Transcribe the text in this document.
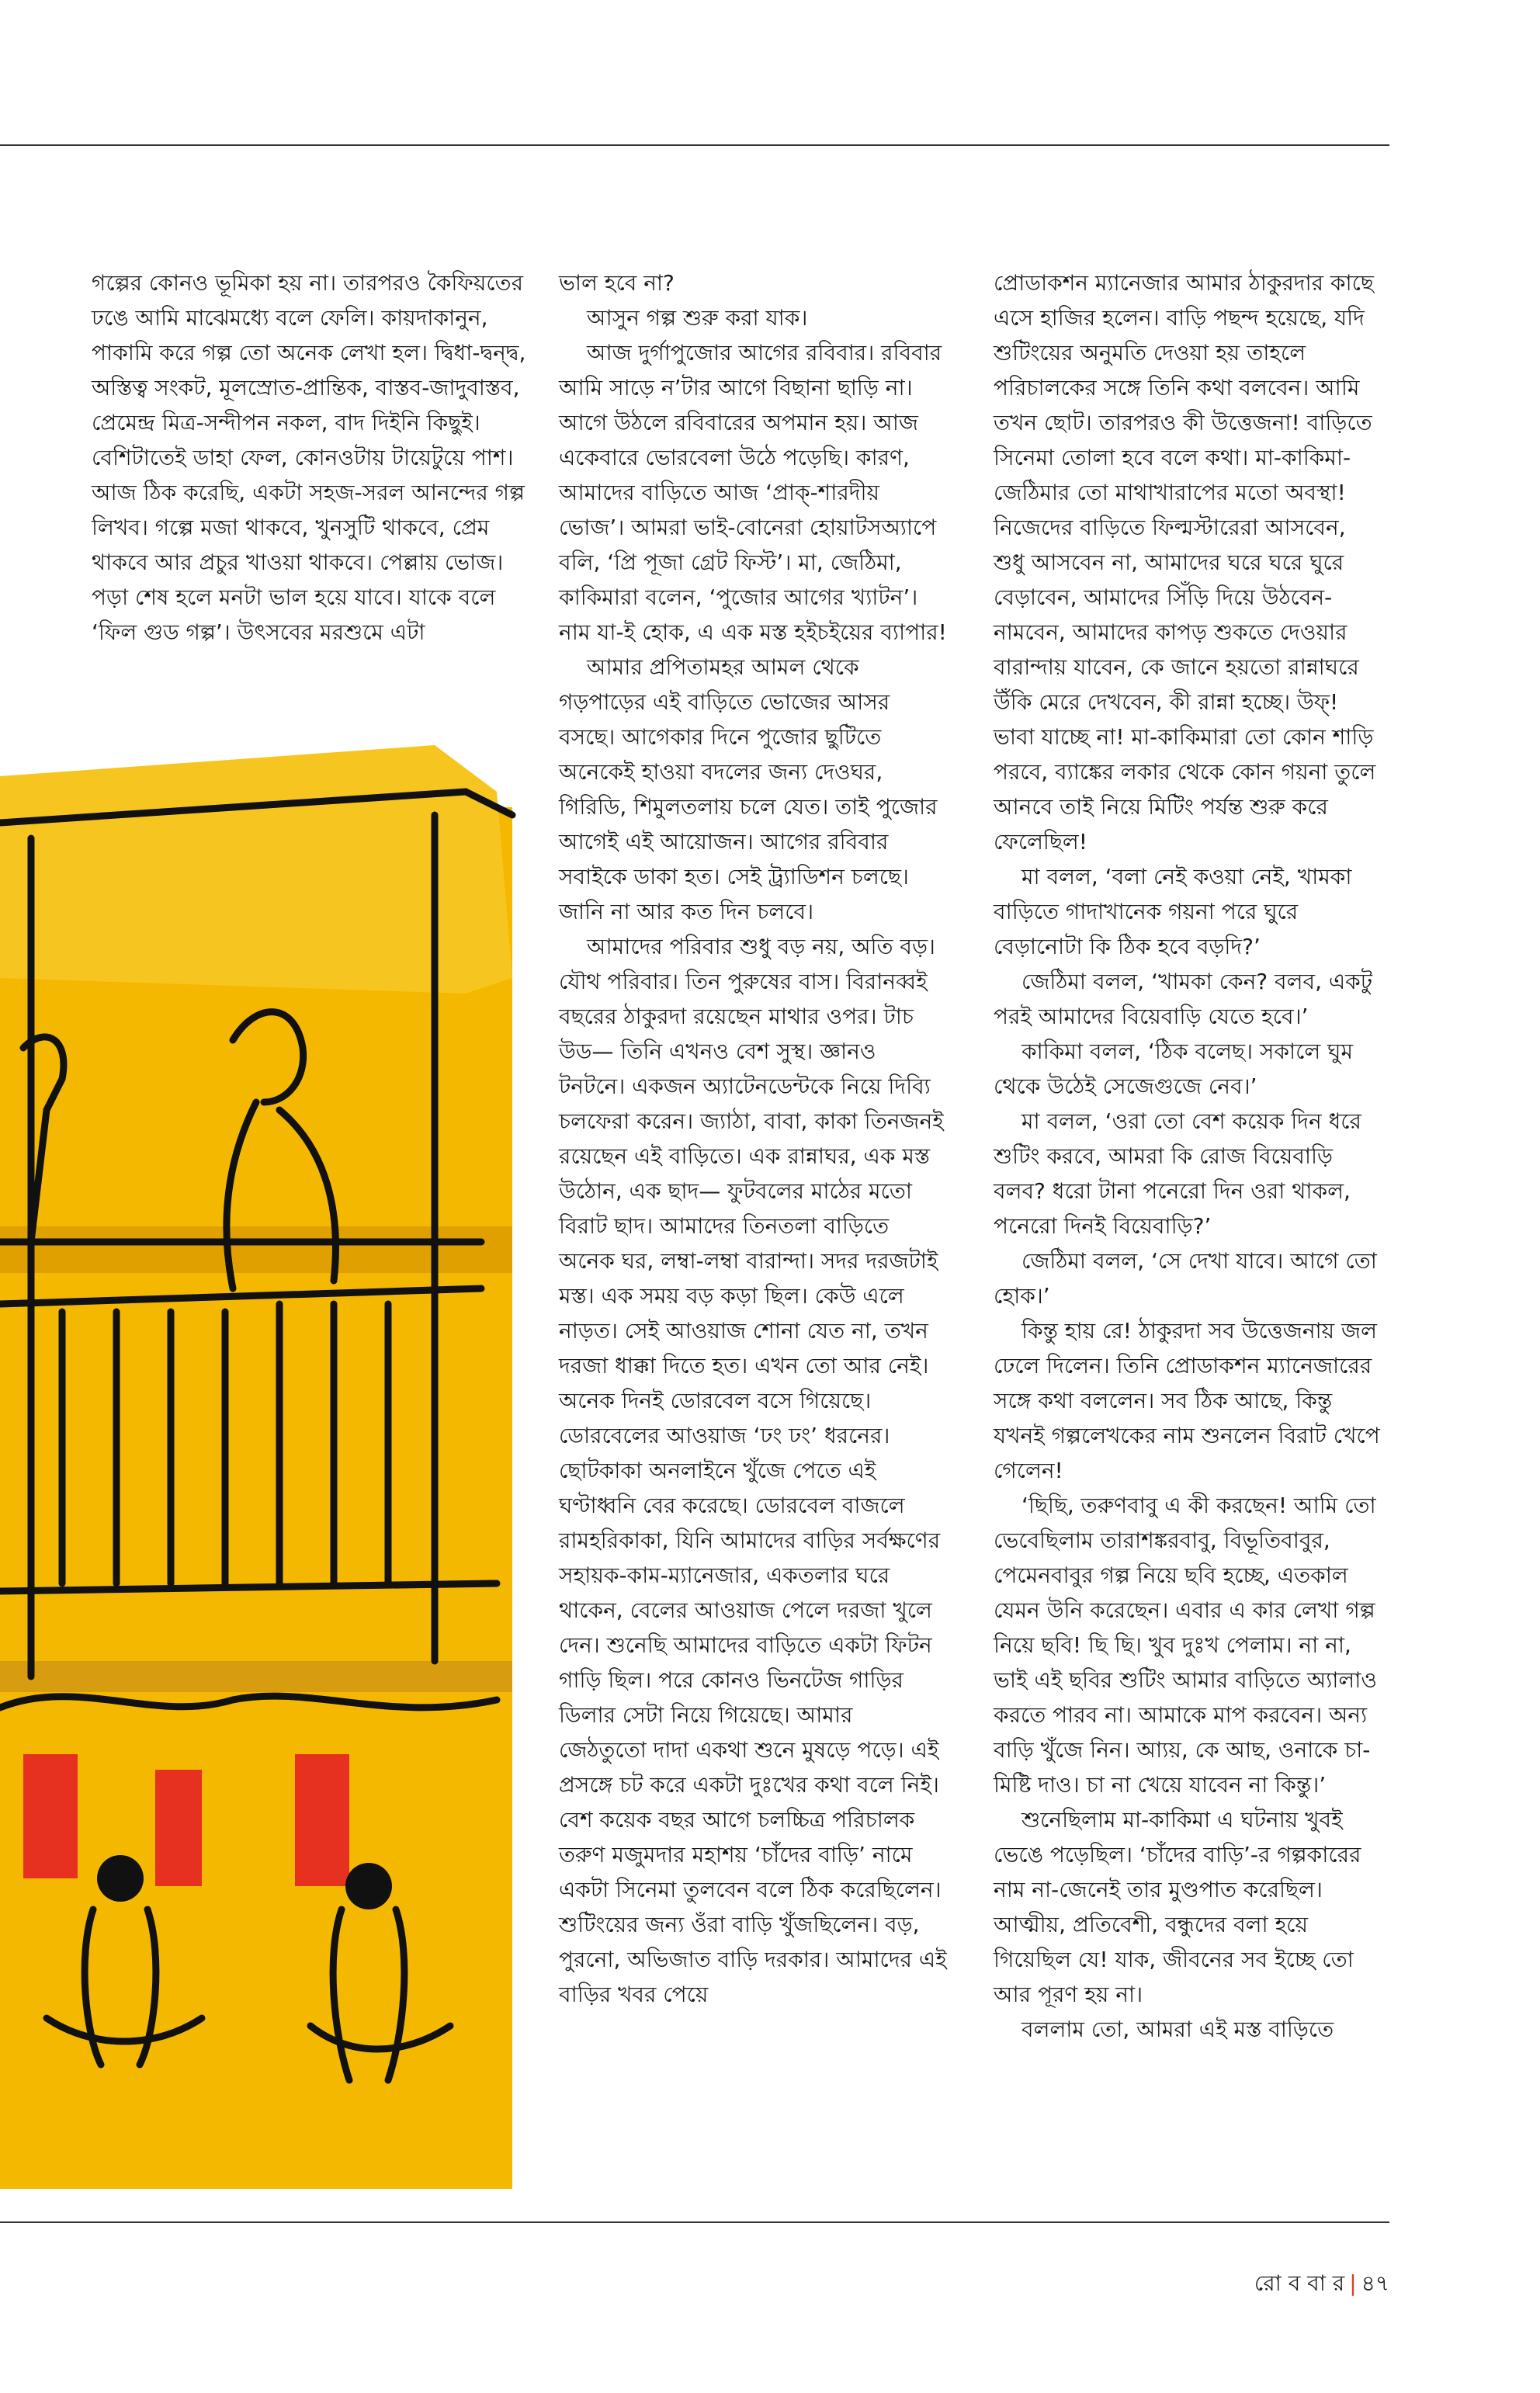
গল্পের কোনও ভূমিকা হয় না। তারপরও কৈফিয়তের ঢঙে আমি মাঝেমধ্যে বলে ফেলি। কায়দাকানুন, পাকামি করে গল্প তো অনেক লেখা হল। দ্বিধা-দ্বন্দ্ব, অস্তিত্ব সংকট, মূলস্রোত-প্রান্তিক, বাস্তব-জাদুবাস্তব, প্রেমেন্দ্র মিত্র-সন্দীপন নকল, বাদ দিইনি কিছুই। বেশিটাতেই ডাহা ফেল, কোনওটায় টায়েটুয়ে পাশ। আজ ঠিক করেছি, একটা সহজ-সরল আনন্দের গল্প লিখব। গল্পে মজা থাকবে, খুনসুটি থাকবে, প্রেম থাকবে আর প্রচুর খাওয়া থাকবে। পেল্লায় ভোজ। পড়া শেষ হলে মনটা ভাল হয়ে যাবে। যাকে বলে ‘ফিল গুড গল্প’। উৎসবের মরশুমে এটা

ভাল হবে না?

আসুন গল্প শুরু করা যাক।

আজ দুর্গাপুজোর আগের রবিবার। রবিবার আমি সাড়ে ন’টার আগে বিছানা ছাড়ি না। আগে উঠলে রবিবারের অপমান হয়। আজ একেবারে ভোরবেলা উঠে পড়েছি। কারণ, আমাদের বাড়িতে আজ ‘প্রাক্-শারদীয় ভোজ’। আমরা ভাই-বোনেরা হোয়াটসঅ্যাপে বলি, ‘প্রি পূজা গ্রেট ফিস্ট’। মা, জেঠিমা, কাকিমারা বলেন, ‘পুজোর আগের খ্যাটন’। নাম যা-ই হোক, এ এক মস্ত হইচইয়ের ব্যাপার!

আমার প্রপিতামহর আমল থেকে গড়পাড়ের এই বাড়িতে ভোজের আসর বসছে। আগেকার দিনে পুজোর ছুটিতে অনেকেই হাওয়া বদলের জন্য দেওঘর, গিরিডি, শিমুলতলায় চলে যেত। তাই পুজোর আগেই এই আয়োজন। আগের রবিবার সবাইকে ডাকা হত। সেই ট্র্যাডিশন চলছে। জানি না আর কত দিন চলবে।

আমাদের পরিবার শুধু বড় নয়, অতি বড়। যৌথ পরিবার। তিন পুরুষের বাস। বিরানব্বই বছরের ঠাকুরদা রয়েছেন মাথার ওপর। টাচ উড— তিনি এখনও বেশ সুস্থ। জ্ঞানও টনটনে। একজন অ্যাটেনডেন্টকে নিয়ে দিব্যি চলফেরা করেন। জ্যাঠা, বাবা, কাকা তিনজনই রয়েছেন এই বাড়িতে। এক রান্নাঘর, এক মস্ত উঠোন, এক ছাদ— ফুটবলের মাঠের মতো বিরাট ছাদ। আমাদের তিনতলা বাড়িতে অনেক ঘর, লম্বা-লম্বা বারান্দা। সদর দরজটাই মস্ত। এক সময় বড় কড়া ছিল। কেউ এলে নাড়ত। সেই আওয়াজ শোনা যেত না, তখন দরজা ধাক্কা দিতে হত। এখন তো আর নেই। অনেক দিনই ডোরবেল বসে গিয়েছে। ডোরবেলের আওয়াজ ‘ঢং ঢং’ ধরনের। ছোটকাকা অনলাইনে খুঁজে পেতে এই ঘণ্টাধ্বনি বের করেছে। ডোরবেল বাজলে রামহরিকাকা, যিনি আমাদের বাড়ির সর্বক্ষণের সহায়ক-কাম-ম্যানেজার, একতলার ঘরে থাকেন, বেলের আওয়াজ পেলে দরজা খুলে দেন। শুনেছি আমাদের বাড়িতে একটা ফিটন গাড়ি ছিল। পরে কোনও ভিনটেজ গাড়ির ডিলার সেটা নিয়ে গিয়েছে। আমার জেঠতুতো দাদা একথা শুনে মুষড়ে পড়ে। এই প্রসঙ্গে চট করে একটা দুঃখের কথা বলে নিই। বেশ কয়েক বছর আগে চলচ্চিত্র পরিচালক তরুণ মজুমদার মহাশয় ‘চাঁদের বাড়ি’ নামে একটা সিনেমা তুলবেন বলে ঠিক করেছিলেন। শুটিংয়ের জন্য ওঁরা বাড়ি খুঁজছিলেন। বড়, পুরনো, অভিজাত বাড়ি দরকার। আমাদের এই বাড়ির খবর পেয়ে

প্রোডাকশন ম্যানেজার আমার ঠাকুরদার কাছে এসে হাজির হলেন। বাড়ি পছন্দ হয়েছে, যদি শুটিংয়ের অনুমতি দেওয়া হয় তাহলে পরিচালকের সঙ্গে তিনি কথা বলবেন। আমি তখন ছোট। তারপরও কী উত্তেজনা! বাড়িতে সিনেমা তোলা হবে বলে কথা। মা-কাকিমা-জেঠিমার তো মাথাখারাপের মতো অবস্থা! নিজেদের বাড়িতে ফিল্মস্টারেরা আসবেন, শুধু আসবেন না, আমাদের ঘরে ঘরে ঘুরে বেড়াবেন, আমাদের সিঁড়ি দিয়ে উঠবেন-নামবেন, আমাদের কাপড় শুকতে দেওয়ার বারান্দায় যাবেন, কে জানে হয়তো রান্নাঘরে উঁকি মেরে দেখবেন, কী রান্না হচ্ছে। উফ্! ভাবা যাচ্ছে না! মা-কাকিমারা তো কোন শাড়ি পরবে, ব্যাঙ্কের লকার থেকে কোন গয়না তুলে আনবে তাই নিয়ে মিটিং পর্যন্ত শুরু করে ফেলেছিল!

মা বলল, ‘বলা নেই কওয়া নেই, খামকা বাড়িতে গাদাখানেক গয়না পরে ঘুরে বেড়ানোটা কি ঠিক হবে বড়দি?’

জেঠিমা বলল, ‘খামকা কেন? বলব, একটু পরই আমাদের বিয়েবাড়ি যেতে হবে।’

কাকিমা বলল, ‘ঠিক বলেছ। সকালে ঘুম থেকে উঠেই সেজেগুজে নেব।’

মা বলল, ‘ওরা তো বেশ কয়েক দিন ধরে শুটিং করবে, আমরা কি রোজ বিয়েবাড়ি বলব? ধরো টানা পনেরো দিন ওরা থাকল, পনেরো দিনই বিয়েবাড়ি?’

জেঠিমা বলল, ‘সে দেখা যাবে। আগে তো হোক।’

কিন্তু হায় রে! ঠাকুরদা সব উত্তেজনায় জল ঢেলে দিলেন। তিনি প্রোডাকশন ম্যানেজারের সঙ্গে কথা বললেন। সব ঠিক আছে, কিন্তু যখনই গল্পলেখকের নাম শুনলেন বিরাট খেপে গেলেন!

‘ছিছি, তরুণবাবু এ কী করছেন! আমি তো ভেবেছিলাম তারাশঙ্করবাবু, বিভূতিবাবুর, পেমেনবাবুর গল্প নিয়ে ছবি হচ্ছে, এতকাল যেমন উনি করেছেন। এবার এ কার লেখা গল্প নিয়ে ছবি! ছি ছি। খুব দুঃখ পেলাম। না না, ভাই এই ছবির শুটিং আমার বাড়িতে অ্যালাও করতে পারব না। আমাকে মাপ করবেন। অন্য বাড়ি খুঁজে নিন। আ্যয়, কে আছ, ওনাকে চা-মিষ্টি দাও। চা না খেয়ে যাবেন না কিন্তু।’

শুনেছিলাম মা-কাকিমা এ ঘটনায় খুবই ভেঙে পড়েছিল। ‘চাঁদের বাড়ি’-র গল্পকারের নাম না-জেনেই তার মুণ্ডপাত করেছিল। আত্মীয়, প্রতিবেশী, বন্ধুদের বলা হয়ে গিয়েছিল যে! যাক, জীবনের সব ইচ্ছে তো আর পূরণ হয় না।

বললাম তো, আমরা এই মস্ত বাড়িতে

রো ব বা র | ৪৭
